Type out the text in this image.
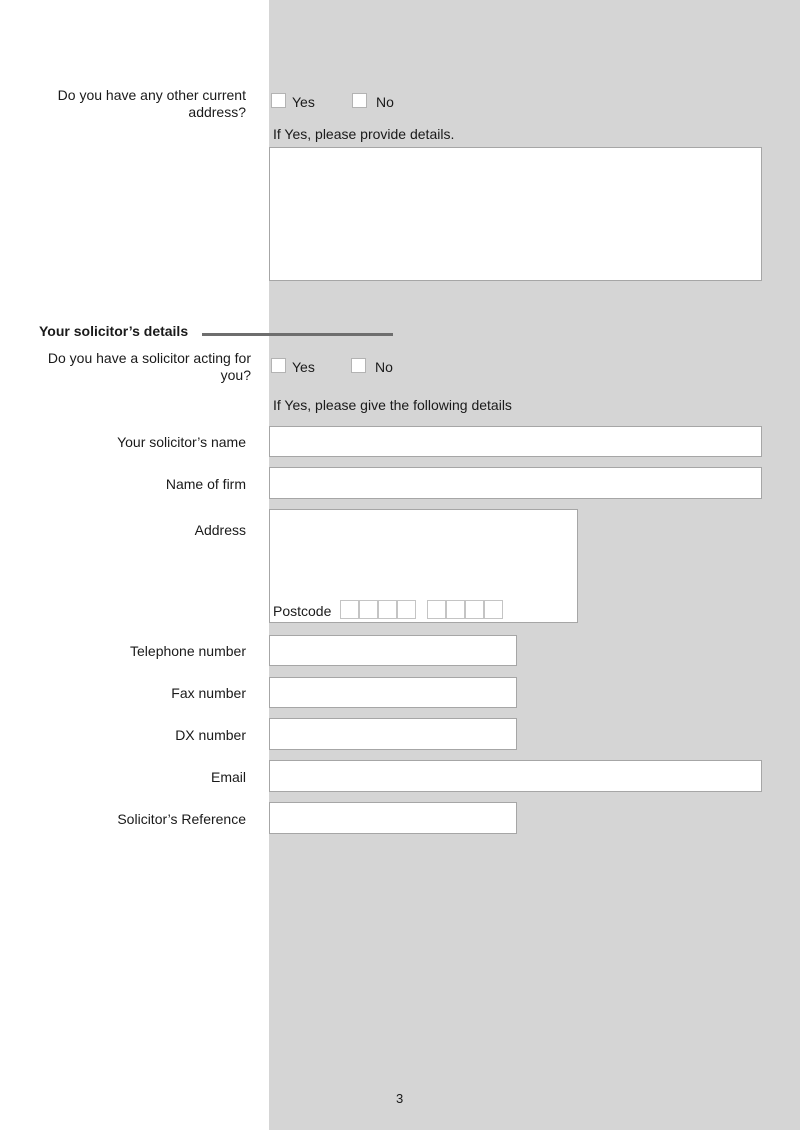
Do you have any other current address?
Yes	No
If Yes, please provide details.
Your solicitor’s details
Do you have a solicitor acting for you?	Yes	No
If Yes, please give the following details
Your solicitor’s name
Name of firm
Address
Postcode
Telephone number
Fax number
DX number
Email
Solicitor’s Reference
3
